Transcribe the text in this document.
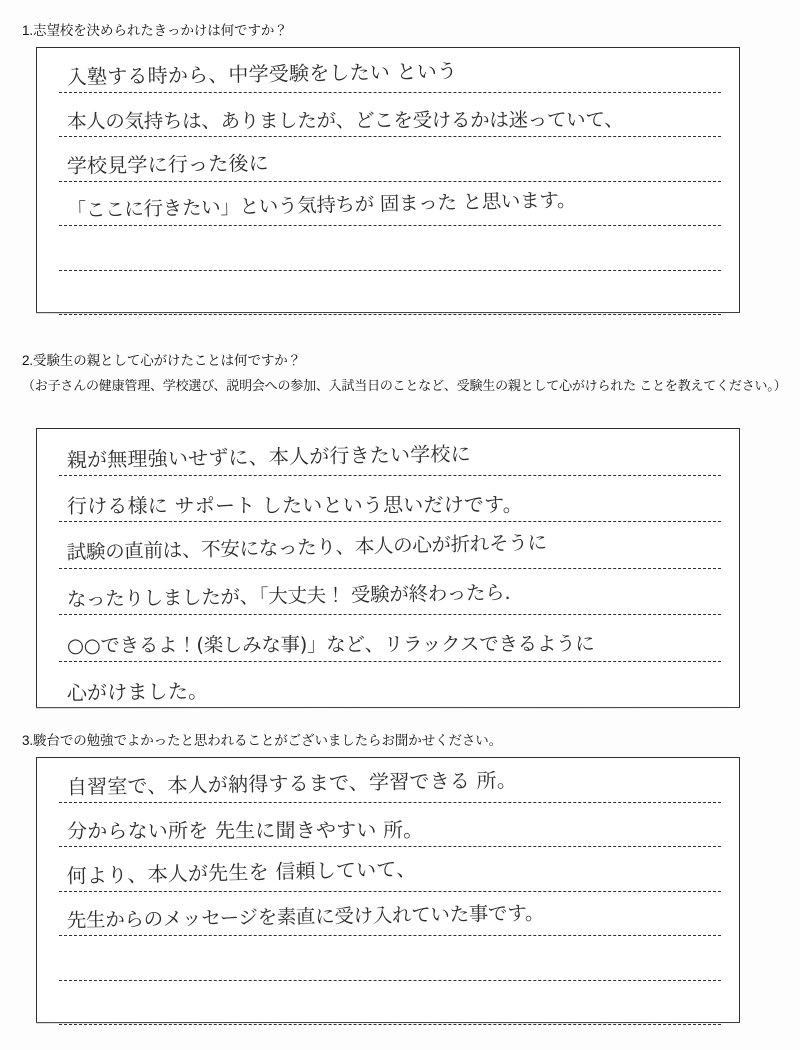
1.志望校を決められたきっかけは何ですか？
入塾する時から、中学受験をしたい という
本人の気持ちは、ありましたが、どこを受けるかは迷っていて、
学校見学に行った後に
「ここに行きたい」という気持ちが 固まった と思います。
2.受験生の親として心がけたことは何ですか？
（お子さんの健康管理、学校選び、説明会への参加、入試当日のことなど、受験生の親として心がけられた ことを教えてください。）
親が無理強いせずに、本人が行きたい学校に
行ける様に サポート したいという思いだけです。
試験の直前は、不安になったり、本人の心が折れそうに
なったりしましたが、「大丈夫！ 受験が終わったら.
○○できるよ！(楽しみな事)」など、リラックスできるように
心がけました。
3.駿台での勉強でよかったと思われることがございましたらお聞かせください。
自習室で、本人が納得するまで、学習できる 所。
分からない所を 先生に聞きやすい 所。
何より、本人が先生を 信頼していて、
先生からのメッセージを素直に受け入れていた事です。
